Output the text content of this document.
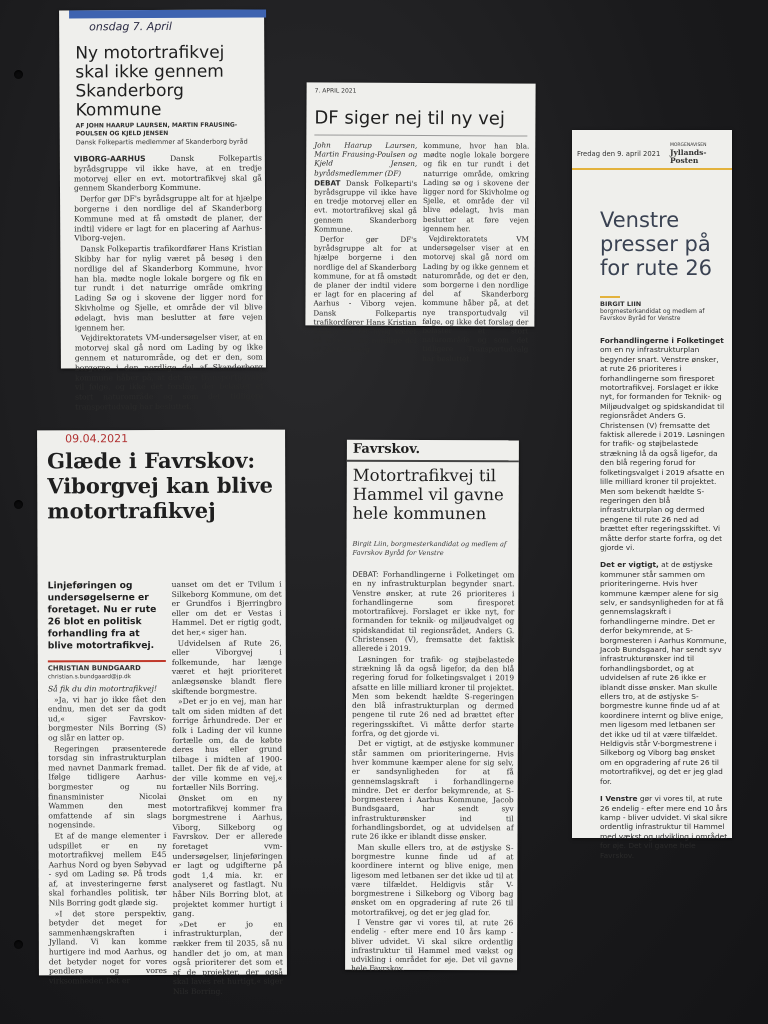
onsdag 7. April
Ny motortrafikvej skal ikke gennem Skanderborg Kommune
AF JOHN HAARUP LAURSEN, MARTIN FRAUSING-POULSEN OG KJELD JENSEN
Dansk Folkepartis medlemmer af Skanderborg byråd

VIBORG-AARHUS	Dansk Folkepartis byrådsgruppe vil ikke have, at en tredje motorvej eller en evt. motortrafikvej skal gå gennem Skanderborg Kommune.

Derfor gør DF's byrådsgruppe alt for at hjælpe borgerne i den nordlige del af Skanderborg Kommune med at få omstødt de planer, der indtil videre er lagt for en placering af Aarhus-Viborg-vejen.

Dansk Folkepartis trafikordfører Hans Kristian Skibby har for nylig været på besøg i den nordlige del af Skanderborg Kommune, hvor han bla. mødte nogle lokale borgere og fik en tur rundt i det naturrige område omkring Lading Sø og i skovene der ligger nord for Skivholme og Sjelle, et område der vil blive ødelagt, hvis man beslutter at føre vejen igennem her.

Vejdirektoratets VM-undersøgelser viser, at en motorvej skal gå nord om Lading by og ikke gennem et naturområde, og det er den, som borgerne i den nordlige del af Skanderborg kommune håber på, at det nye transportudvalg vil følge, og ikke det forslag, der belaster et stort naturområde og som det tidligere transportudvalg har besluttet.

7. APRIL 2021
DF siger nej til ny vej

John Haarup Laursen, Martin Frausing-Poulsen og Kjeld Jensen, byrådsmedlemmer (DF)

DEBAT Dansk Folkeparti's byrådsgruppe vil ikke have en tredje motorvej eller en evt. motortrafikvej skal gå gennem Skanderborg Kommune.

Derfor gør DF's byrådsgruppe alt for at hjælpe borgerne i den nordlige del af Skanderborg kommune, for at få omstødt de planer der indtil videre er lagt for en placering af Aarhus - Viborg vejen. Dansk Folkepartis trafikordfører Hans Kristian Skibby har for nylig været på besøg i den nordlige del af Skanderborg

kommune, hvor han bla. mødte nogle lokale borgere og fik en tur rundt i det naturrige område, omkring Lading sø og i skovene der ligger nord for Skivholme og Sjelle, et område der vil blive ødelagt, hvis man beslutter at føre vejen igennem her.

Vejdirektoratets VM undersøgelser viser at en motorvej skal gå nord om Lading by og ikke gennem et naturområde, og det er den, som borgerne i den nordlige del af Skanderborg kommune håber på, at det nye transportudvalg vil følge, og ikke det forslag der belaster et stort naturområde og som det tidligere Transportudvalg har besluttet.

Fredag den 9. april 2021
MORGENAVISEN
Jyllands-Posten
Venstre presser på for rute 26
BIRGIT LIIN
borgmesterkandidat og medlem af Favrskov Byråd for Venstre

Forhandlingerne i Folketinget om en ny infrastrukturplan begynder snart. Venstre ønsker, at rute 26 prioriteres i forhandlingerne som firesporet motortrafikvej. Forslaget er ikke nyt, for formanden for Teknik- og Miljøudvalget og spidskandidat til regionsrådet Anders G. Christensen (V) fremsatte det faktisk allerede i 2019. Løsningen for trafik- og støjbelastede strækning lå da også ligefor, da den blå regering forud for folketingsvalget i 2019 afsatte en lille milliard kroner til projektet. Men som bekendt hældte S-regeringen den blå infrastrukturplan og dermed pengene til rute 26 ned ad brættet efter regeringsskiftet. Vi måtte derfor starte forfra, og det gjorde vi.

Det er vigtigt, at de østjyske kommuner står sammen om prioriteringerne. Hvis hver kommune kæmper alene for sig selv, er sandsynligheden for at få gennemslagskraft i forhandlingerne mindre. Det er derfor bekymrende, at S-borgmesteren i Aarhus Kommune, Jacob Bundsgaard, har sendt syv infrastrukturønsker ind til forhandlingsbordet, og at udvidelsen af rute 26 ikke er iblandt disse ønsker. Man skulle ellers tro, at de østjyske S-borgmestre kunne finde ud af at koordinere internt og blive enige, men ligesom med letbanen ser det ikke ud til at være tilfældet. Heldigvis står V-borgmestrene i Silkeborg og Viborg bag ønsket om en opgradering af rute 26 til motortrafikvej, og det er jeg glad for.

I Venstre gør vi vores til, at rute 26 endelig - efter mere end 10 års kamp - bliver udvidet. Vi skal sikre ordentlig infrastruktur til Hammel med vækst og udvikling i området for øje. Det vil gavne hele Favrskov.

09.04.2021
Glæde i Favrskov: Viborgvej kan blive motortrafikvej
Linjeføringen og undersøgelserne er foretaget. Nu er rute 26 blot en politisk forhandling fra at blive motortrafikvej.
CHRISTIAN BUNDGAARD
christian.s.bundgaard@jp.dk

Så fik du din motortrafikvej!

»Ja, vi har jo ikke fået den endnu, men det ser da godt ud,« siger Favrskov-borgmester Nils Borring (S) og slår en latter op.

Regeringen præsenterede torsdag sin infrastrukturplan med navnet Danmark fremad. Ifølge tidligere Aarhus-borgmester og nu finansminister Nicolai Wammen den mest omfattende af sin slags nogensinde.

Et af de mange elementer i udspillet er en ny motortrafikvej mellem E45 Aarhus Nord og byen Søbyvad - syd om Lading sø. På trods af, at investeringerne først skal forhandles politisk, tør Nils Borring godt glæde sig.

»I det store perspektiv, betyder det meget for sammenhængskraften i Jylland. Vi kan komme hurtigere ind mod Aarhus, og det betyder noget for vores pendlere og vores virksomheder. Det er

uanset om det er Tvilum i Silkeborg Kommune, om det er Grundfos i Bjerringbro eller om det er Vestas i Hammel. Det er rigtig godt, det her,« siger han.

Udvidelsen af Rute 26, eller Viborgvej i folkemunde, har længe været et højt prioriteret anlægsønske blandt flere skiftende borgmestre.

»Det er jo en vej, man har talt om siden midten af det forrige århundrede. Der er folk i Lading der vil kunne fortælle om, da de købte deres hus eller grund tilbage i midten af 1900-tallet. Der fik de af vide, at der ville komme en vej,« fortæller Nils Borring.

Ønsket om en ny motortrafikvej kommer fra borgmestrene i Aarhus, Viborg, Silkeborg og Favrskov. Der er allerede foretaget vvm-undersøgelser, linjeføringen er lagt og udgifterne på godt 1,4 mia. kr. er analyseret og fastlagt. Nu håber Nils Borring blot, at projektet kommer hurtigt i gang.

»Det er jo en infrastrukturplan, der rækker frem til 2035, så nu handler det jo om, at man også prioriterer det som et af de projekter, der også skal laves ret hurtigt,« siger Nils Borring.

Favrskov.
Motortrafikvej til Hammel vil gavne hele kommunen
Birgit Liin, borgmesterkandidat og medlem af Favrskov Byråd for Venstre

DEBAT: Forhandlingerne i Folketinget om en ny infrastrukturplan begynder snart. Venstre ønsker, at rute 26 prioriteres i forhandlingerne som firesporet motortrafikvej. Forslaget er ikke nyt, for formanden for teknik- og miljøudvalget og spidskandidat til regionsrådet, Anders G. Christensen (V), fremsatte det faktisk allerede i 2019.

Løsningen for trafik- og støjbelastede strækning lå da også ligefor, da den blå regering forud for folketingsvalget i 2019 afsatte en lille milliard kroner til projektet. Men som bekendt hældte S-regeringen den blå infrastrukturplan og dermed pengene til rute 26 ned ad brættet efter regeringsskiftet. Vi måtte derfor starte forfra, og det gjorde vi.

Det er vigtigt, at de østjyske kommuner står sammen om prioriteringerne. Hvis hver kommune kæmper alene for sig selv, er sandsynligheden for at få gennemslagskraft i forhandlingerne mindre. Det er derfor bekymrende, at S-borgmesteren i Aarhus Kommune, Jacob Bundsgaard, har sendt syv infrastrukturønsker ind til forhandlingsbordet, og at udvidelsen af rute 26 ikke er iblandt disse ønsker.

Man skulle ellers tro, at de østjyske S-borgmestre kunne finde ud af at koordinere internt og blive enige, men ligesom med letbanen ser det ikke ud til at være tilfældet. Heldigvis står V-borgmestrene i Silkeborg og Viborg bag ønsket om en opgradering af rute 26 til motortrafikvej, og det er jeg glad for.

I Venstre gør vi vores til, at rute 26 endelig - efter mere end 10 års kamp - bliver udvidet. Vi skal sikre ordentlig infrastruktur til Hammel med vækst og udvikling i området for øje. Det vil gavne hele Favrskov.
